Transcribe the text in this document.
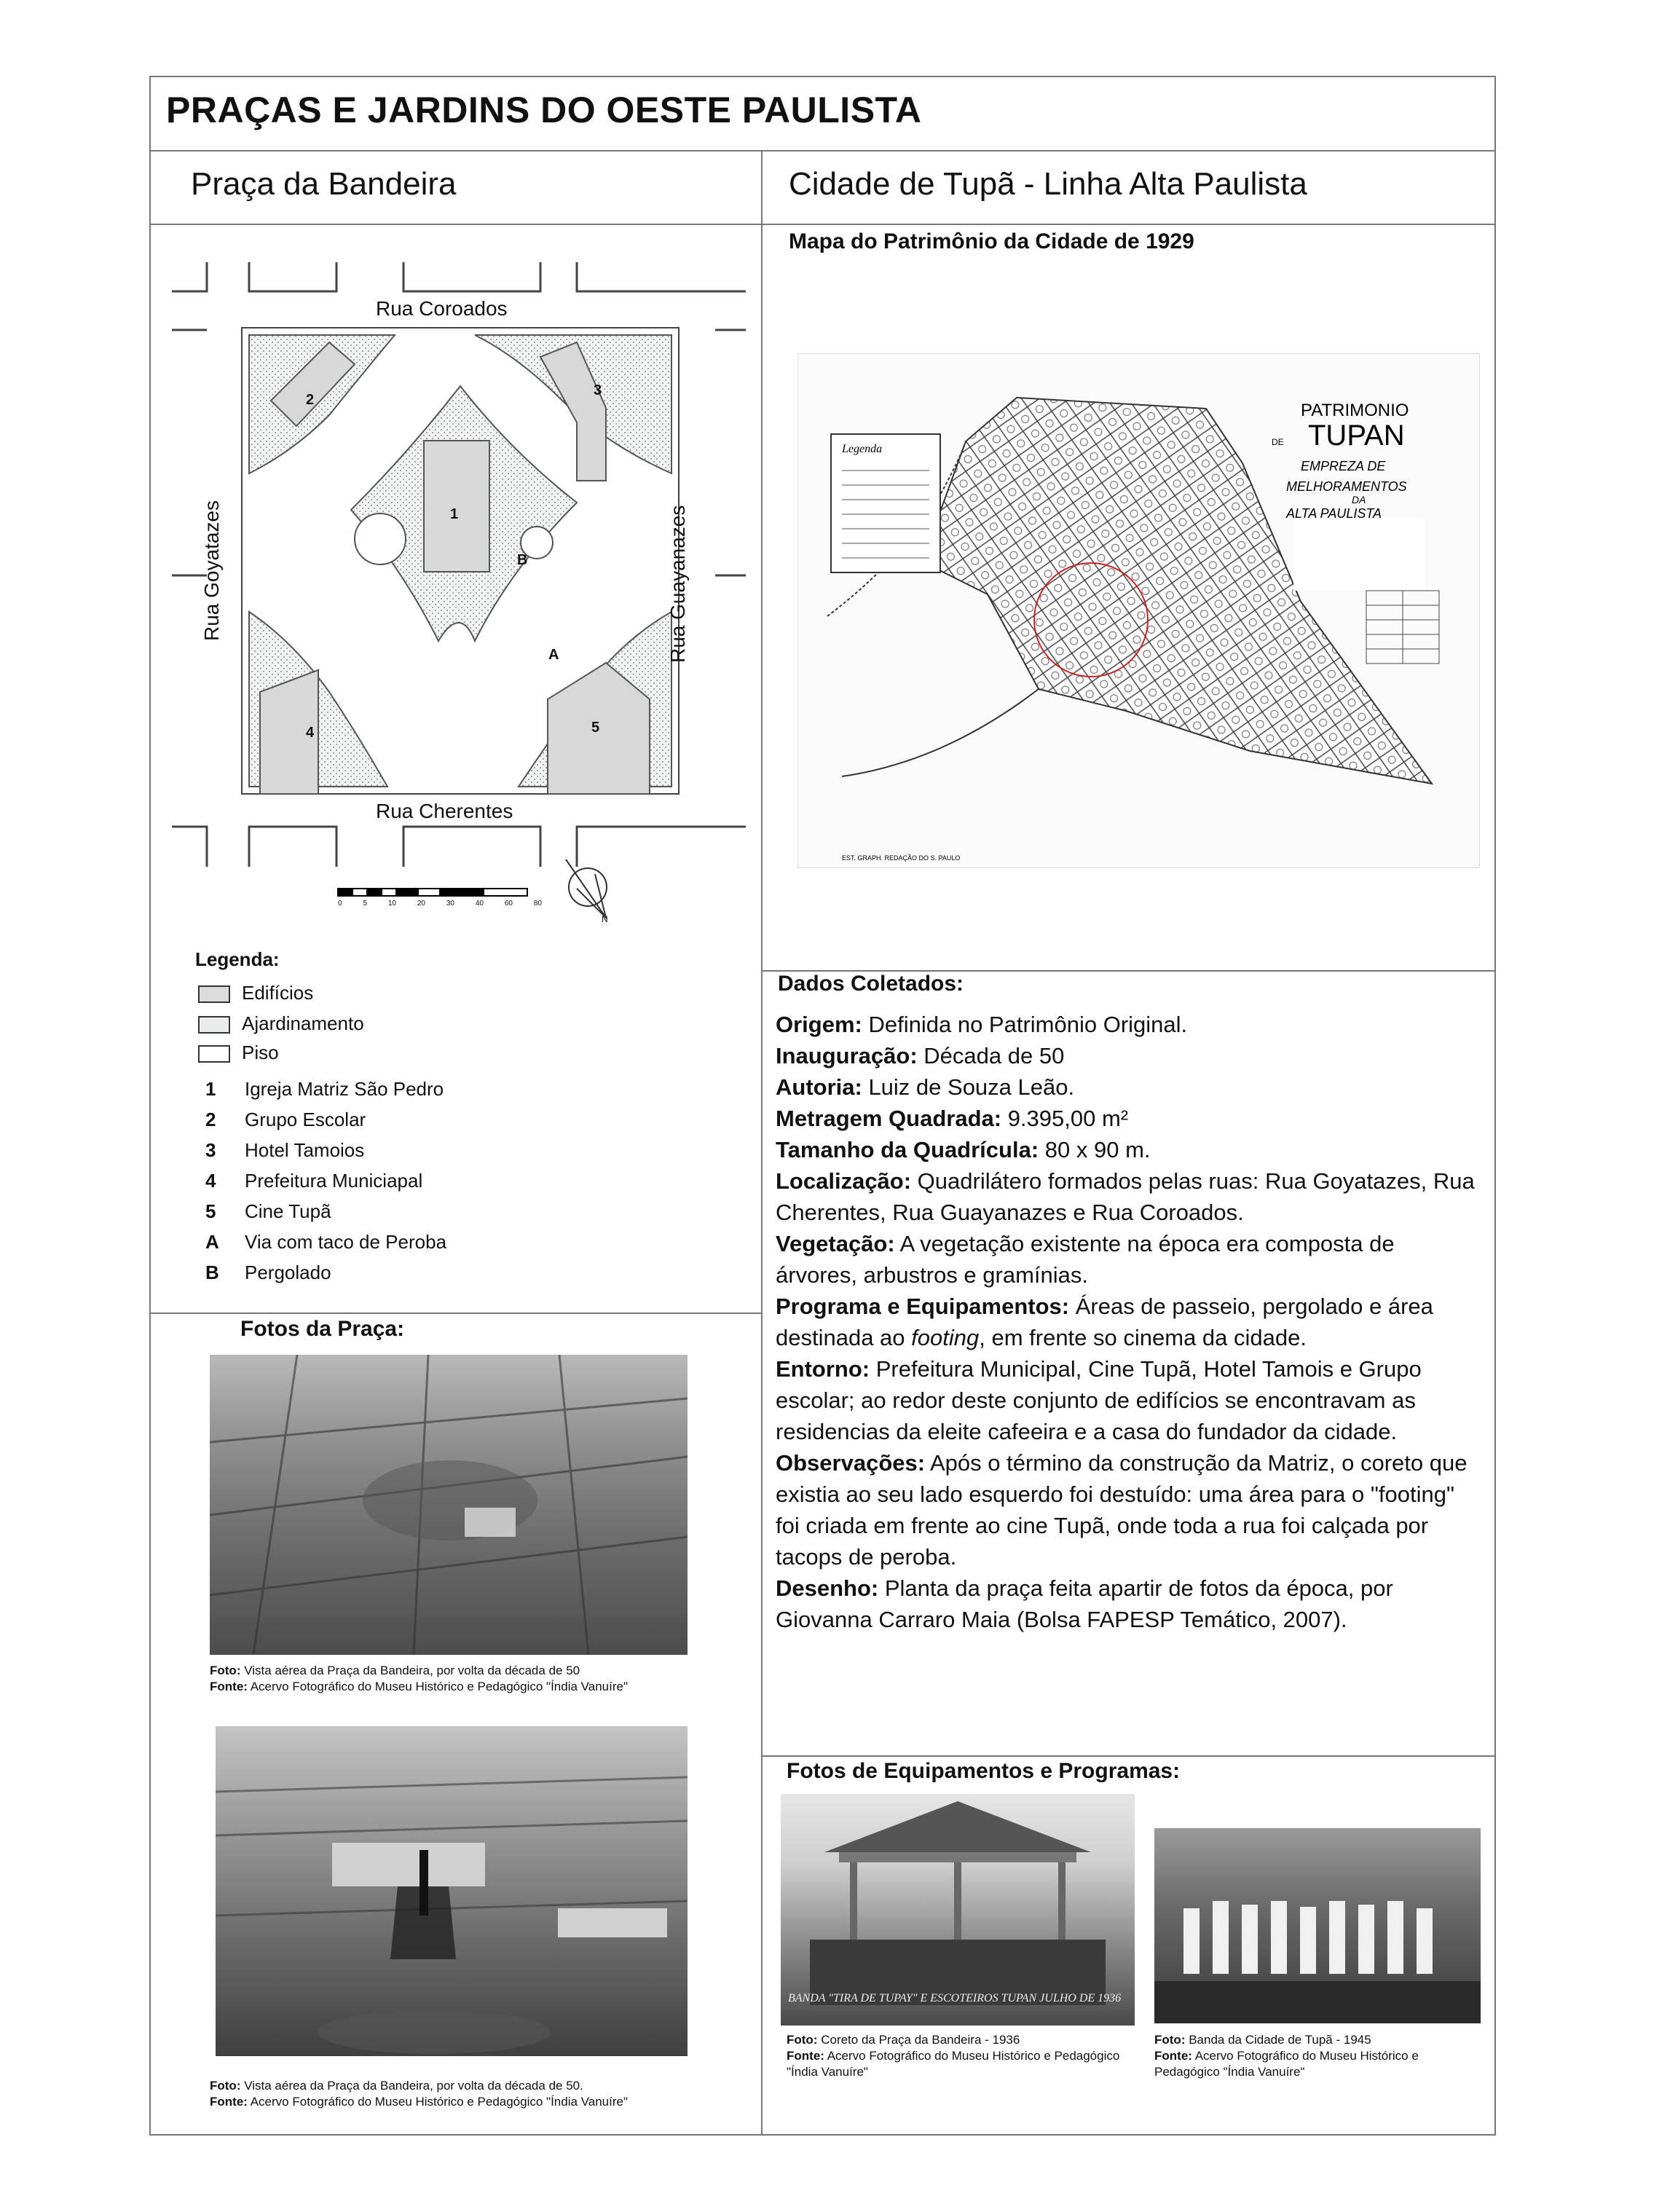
PRAÇAS E JARDINS DO OESTE PAULISTA
Praça da Bandeira	Cidade de Tupã - Linha Alta Paulista
Rua Coroados
Rua Cherentes
Rua Goyatazes	Rua Guayanazes
1
2
3
4	5
A
B
0	5	10	20	30	40	60	80
N
Mapa do Patrimônio da Cidade de 1929
Legenda
PATRIMONIO
DE TUPAN
EMPREZA DE
MELHORAMENTOS
DA
ALTA PAULISTA
EST. GRAPH. REDAÇÃO DO S. PAULO
Legenda:
Edifícios
Ajardinamento
Piso
1 Igreja Matriz São Pedro
2 Grupo Escolar
3 Hotel Tamoios
4 Prefeitura Municiapal
5 Cine Tupã
A Via com taco de Peroba
B Pergolado
Fotos da Praça:
Foto: Vista aérea da Praça da Bandeira, por volta da década de 50
Fonte: Acervo Fotográfico do Museu Histórico e Pedagógico "Índia Vanuíre"
Foto: Vista aérea da Praça da Bandeira, por volta da década de 50.
Fonte: Acervo Fotográfico do Museu Histórico e Pedagógico "Índia Vanuíre"
Dados Coletados:

Origem: Definida no Patrimônio Original.

Inauguração: Década de 50

Autoria: Luiz de Souza Leão.

Metragem Quadrada: 9.395,00 m²

Tamanho da Quadrícula: 80 x 90 m.

Localização: Quadrilátero formados pelas ruas: Rua Goyatazes, Rua Cherentes, Rua Guayanazes e Rua Coroados.

Vegetação: A vegetação existente na época era composta de árvores, arbustros e gramínias.

Programa e Equipamentos: Áreas de passeio, pergolado e área destinada ao footing, em frente so cinema da cidade.

Entorno: Prefeitura Municipal, Cine Tupã, Hotel Tamois e Grupo escolar; ao redor deste conjunto de edifícios se encontravam as residencias da eleite cafeeira e a casa do fundador da cidade.

Observações: Após o término da construção da Matriz, o coreto que existia ao seu lado esquerdo foi destuído: uma área para o "footing" foi criada em frente ao cine Tupã, onde toda a rua foi calçada por tacops de peroba.

Desenho: Planta da praça feita apartir de fotos da época, por Giovanna Carraro Maia (Bolsa FAPESP Temático, 2007).

Fotos de Equipamentos e Programas:
BANDA "TIRA DE TUPAY" E ESCOTEIROS TUPAN JULHO DE 1936
Foto: Coreto da Praça da Bandeira - 1936
Fonte: Acervo Fotográfico do Museu Histórico e Pedagógico "Índia Vanuíre"
Foto: Banda da Cidade de Tupã - 1945
Fonte: Acervo Fotográfico do Museu Histórico e Pedagógico "Índia Vanuíre"
